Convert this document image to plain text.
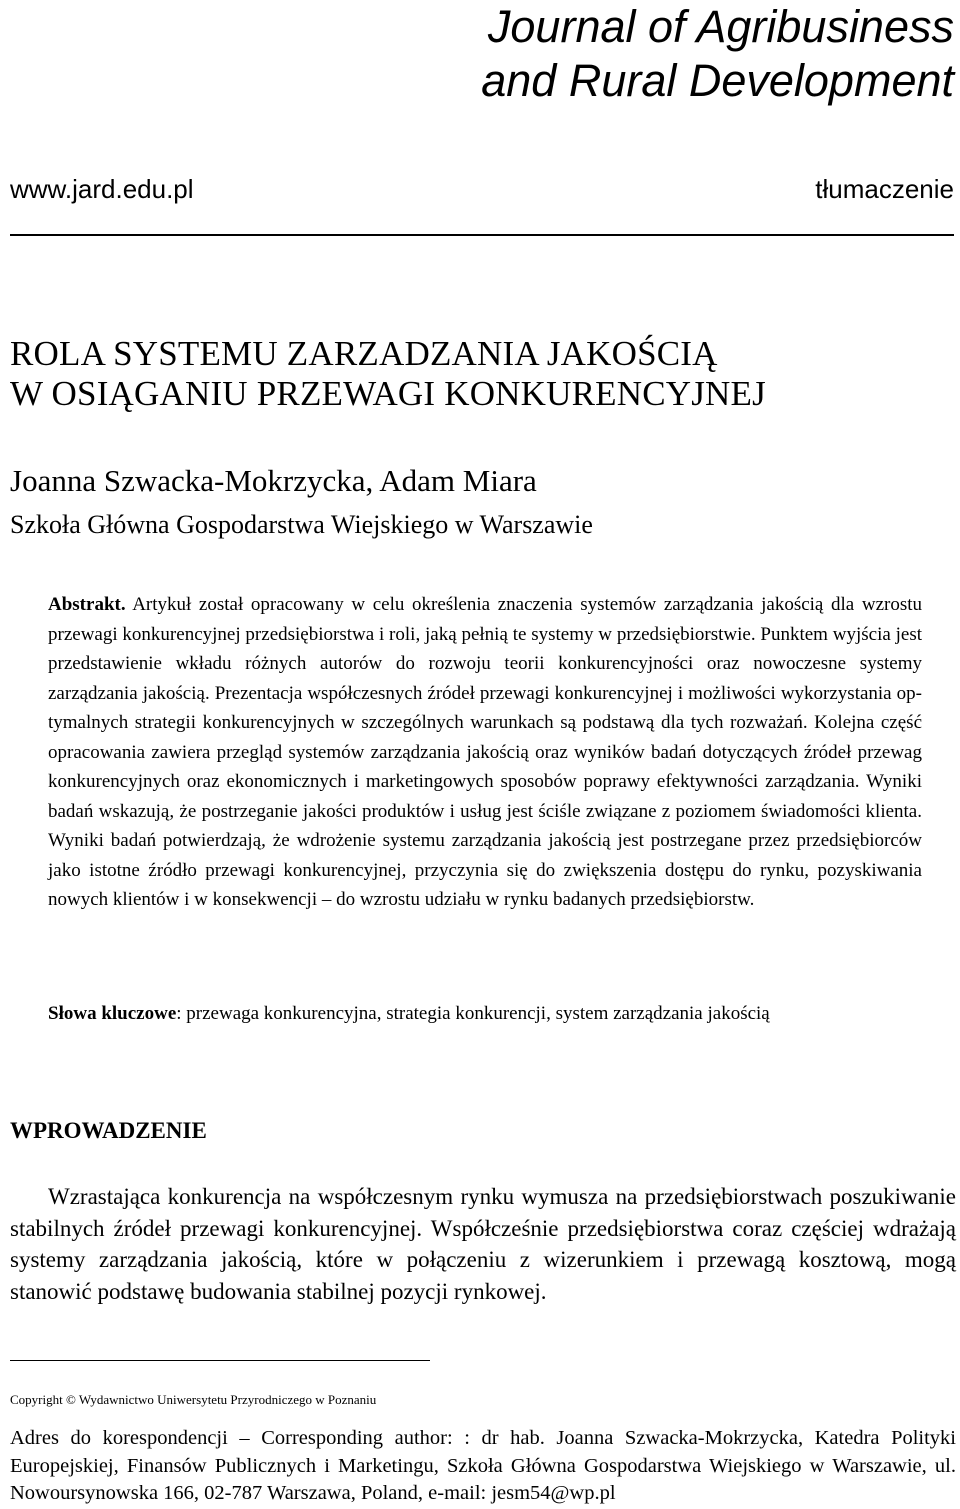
Journal of Agribusiness
and Rural Development
www.jard.edu.pl	tłumaczenie
ROLA SYSTEMU ZARZADZANIA JAKOŚCIĄ
W OSIĄGANIU PRZEWAGI KONKURENCYJNEJ
Joanna Szwacka-Mokrzycka, Adam Miara
Szkoła Główna Gospodarstwa Wiejskiego w Warszawie

Abstrakt. Artykuł został opracowany w celu określenia znaczenia systemów zarządzania jakością dla wzrostu przewagi konkurencyjnej przedsiębiorstwa i roli, jaką pełnią te systemy w przedsiębiorstwie. Punktem wyjścia jest przedstawienie wkładu różnych autorów do rozwoju teorii konkurencyjności oraz nowoczesne systemy zarządzania jakością. Prezentacja współczesnych źródeł przewagi konkurencyjnej i możliwości wykorzystania optymalnych strategii konkurencyjnych w szczególnych warunkach są podstawą dla tych rozważań. Kolejna część opracowania zawiera przegląd systemów zarządzania jakością oraz wyników badań dotyczących źródeł przewag konkurencyjnych oraz ekonomicznych i marketingowych sposobów poprawy efektywności zarządzania. Wyniki badań wskazują, że postrzeganie jakości produktów i usług jest ściśle związane z poziomem świadomości klienta. Wyniki badań potwierdzają, że wdrożenie systemu zarządzania jakością jest postrzegane przez przedsiębiorców jako istotne źródło przewagi konkurencyjnej, przyczynia się do zwiększenia dostępu do rynku, pozyskiwania nowych klientów i w konsekwencji – do wzrostu udziału w rynku badanych przedsiębiorstw.

Słowa kluczowe: przewaga konkurencyjna, strategia konkurencji, system zarządzania jakością

WPROWADZENIE

Wzrastająca konkurencja na współczesnym rynku wymusza na przedsiębiorstwach poszukiwanie stabilnych źródeł przewagi konkurencyjnej. Współcześnie przedsiębiorstwa coraz częściej wdrażają systemy zarządzania jakością, które w połączeniu z wizerunkiem i przewagą kosztową, mogą stanowić podstawę budowania stabilnej pozycji rynkowej.

Copyright © Wydawnictwo Uniwersytetu Przyrodniczego w Poznaniu

Adres do korespondencji – Corresponding author: : dr hab. Joanna Szwacka-Mokrzycka, Katedra Polityki Europejskiej, Finansów Publicznych i Marketingu, Szkoła Główna Gospodarstwa Wiejskiego w Warszawie, ul. Nowoursynowska 166, 02-787 Warszawa, Poland, e-mail: jesm54@wp.pl
